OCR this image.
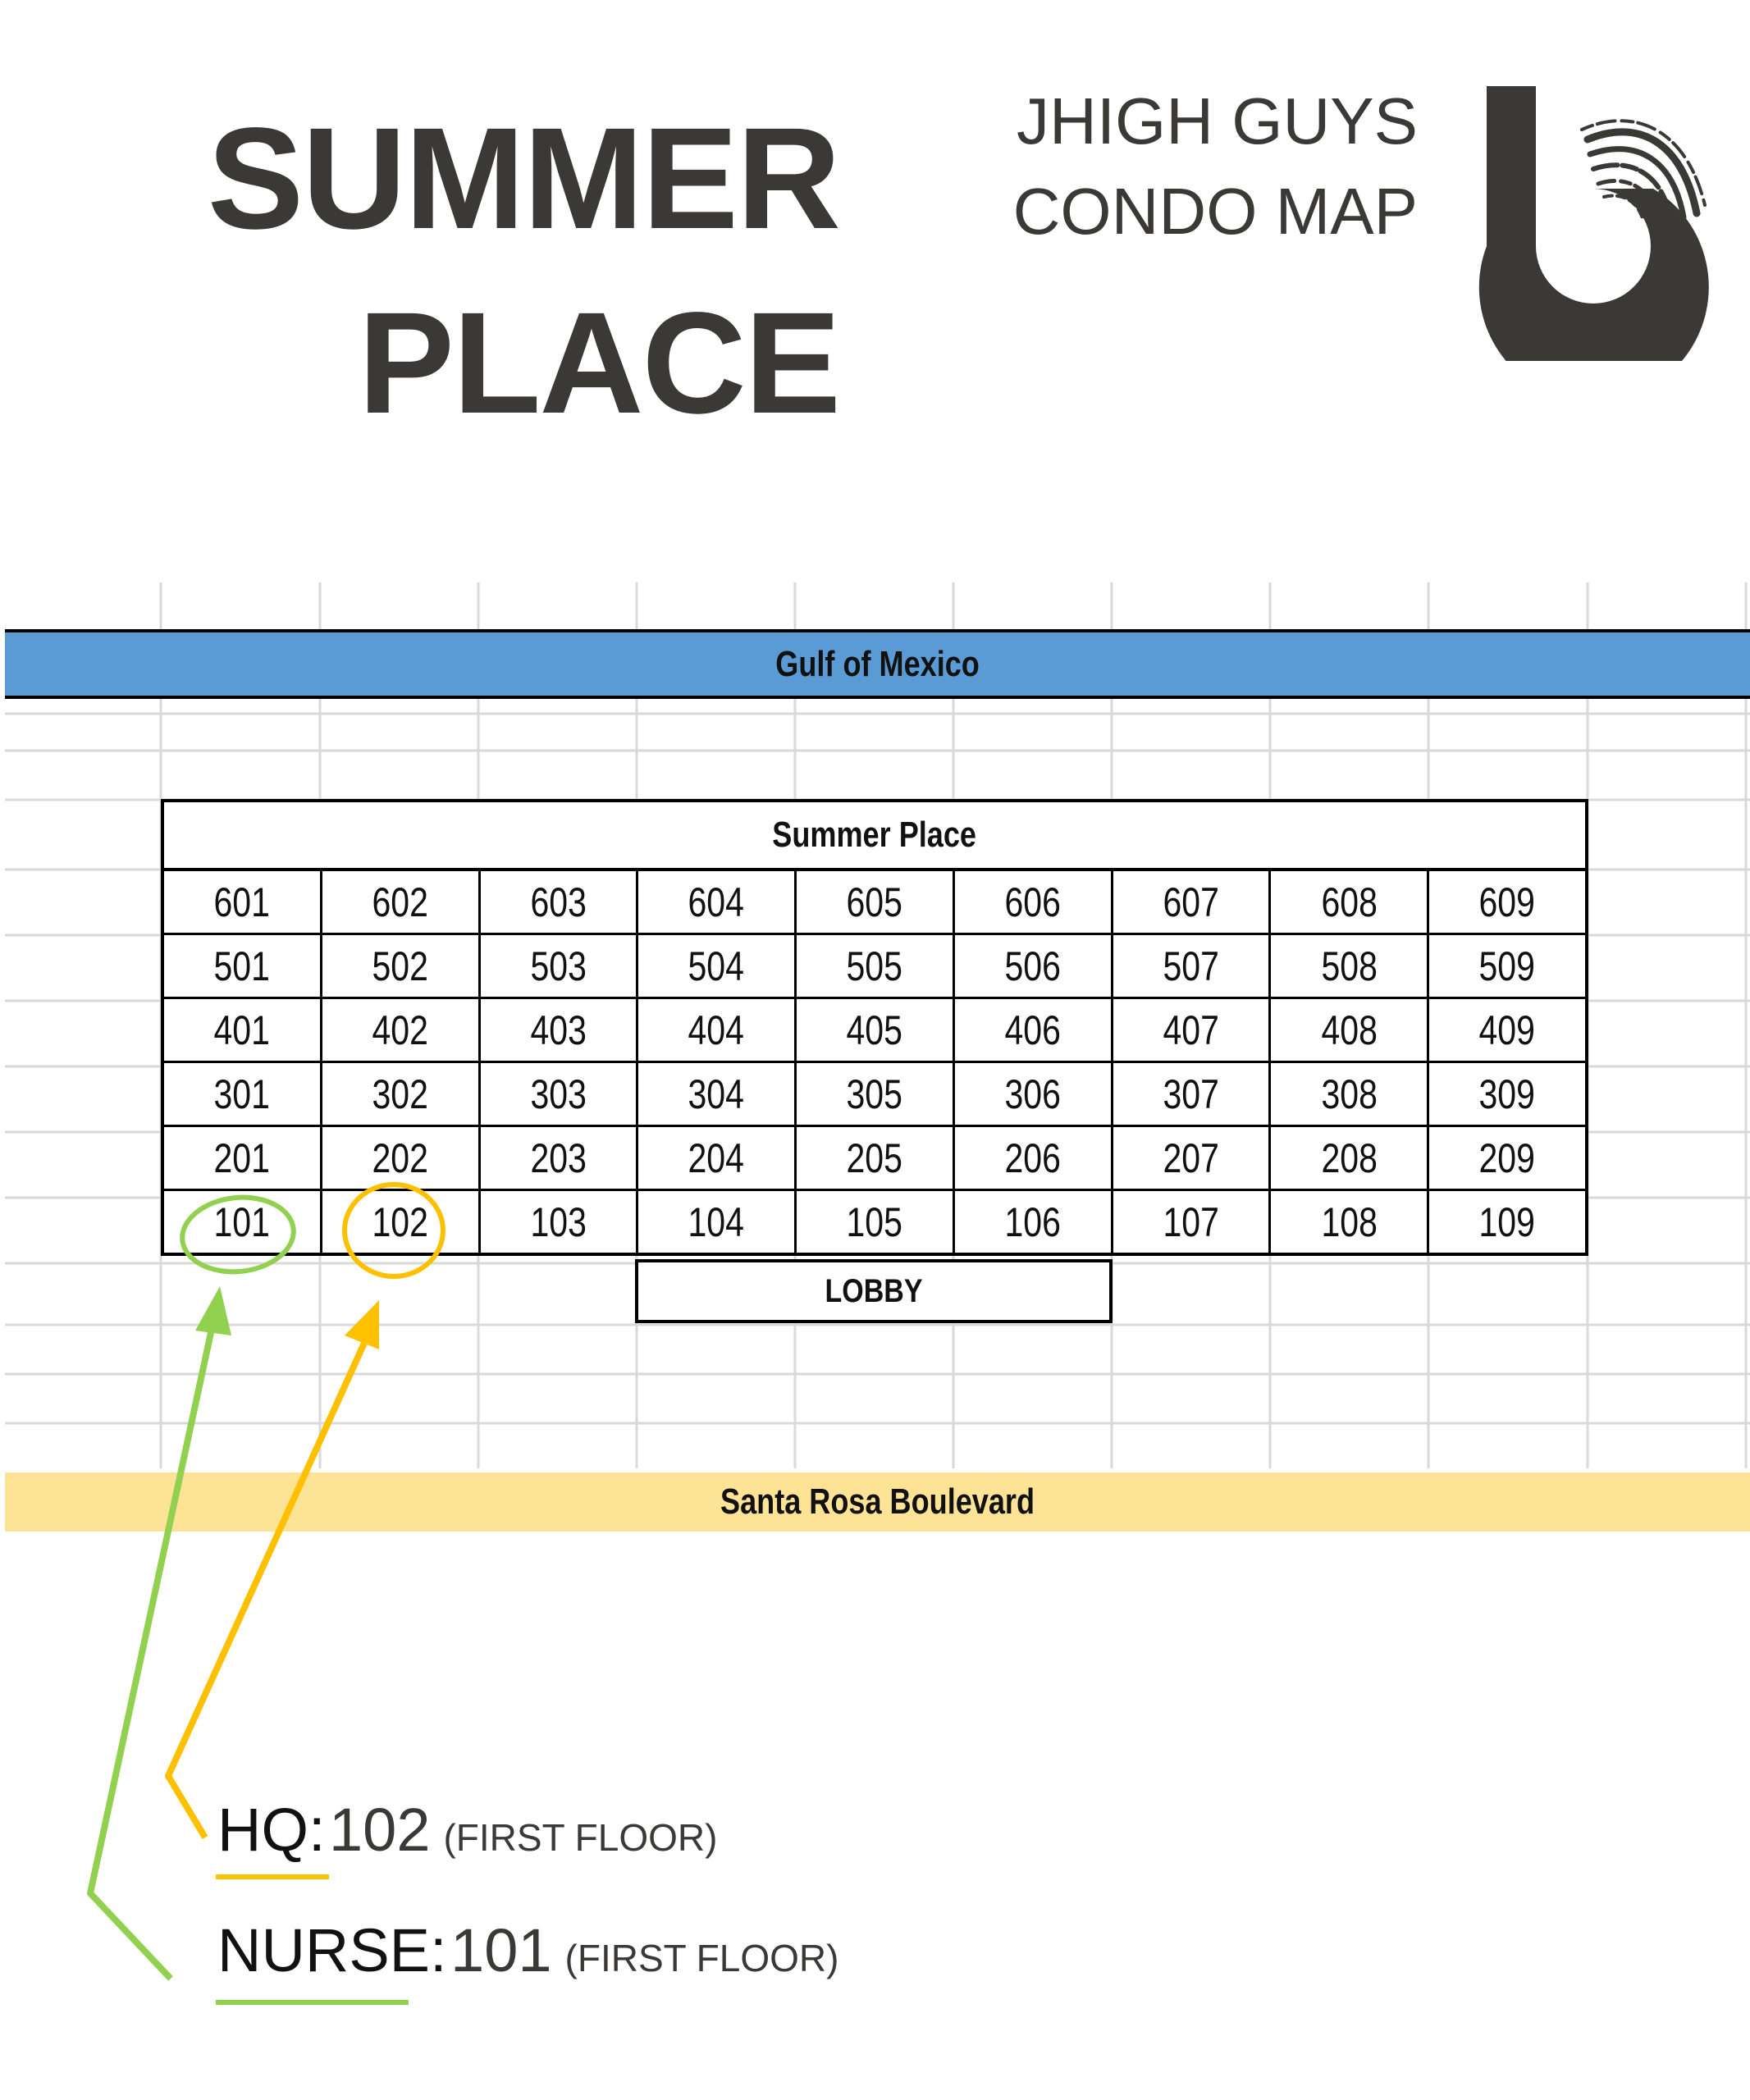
SUMMER
PLACE
JHIGH GUYS
CONDO MAP
Gulf of Mexico
Summer Place								
601	602	603	604	605	606	607	608	609
501	502	503	504	505	506	507	508	509
401	402	403	404	405	406	407	408	409
301	302	303	304	305	306	307	308	309
201	202	203	204	205	206	207	208	209
101	102	103	104	105	106	107	108	109
LOBBY
Santa Rosa Boulevard
HQ: 102 (FIRST FLOOR)
NURSE: 101 (FIRST FLOOR)
